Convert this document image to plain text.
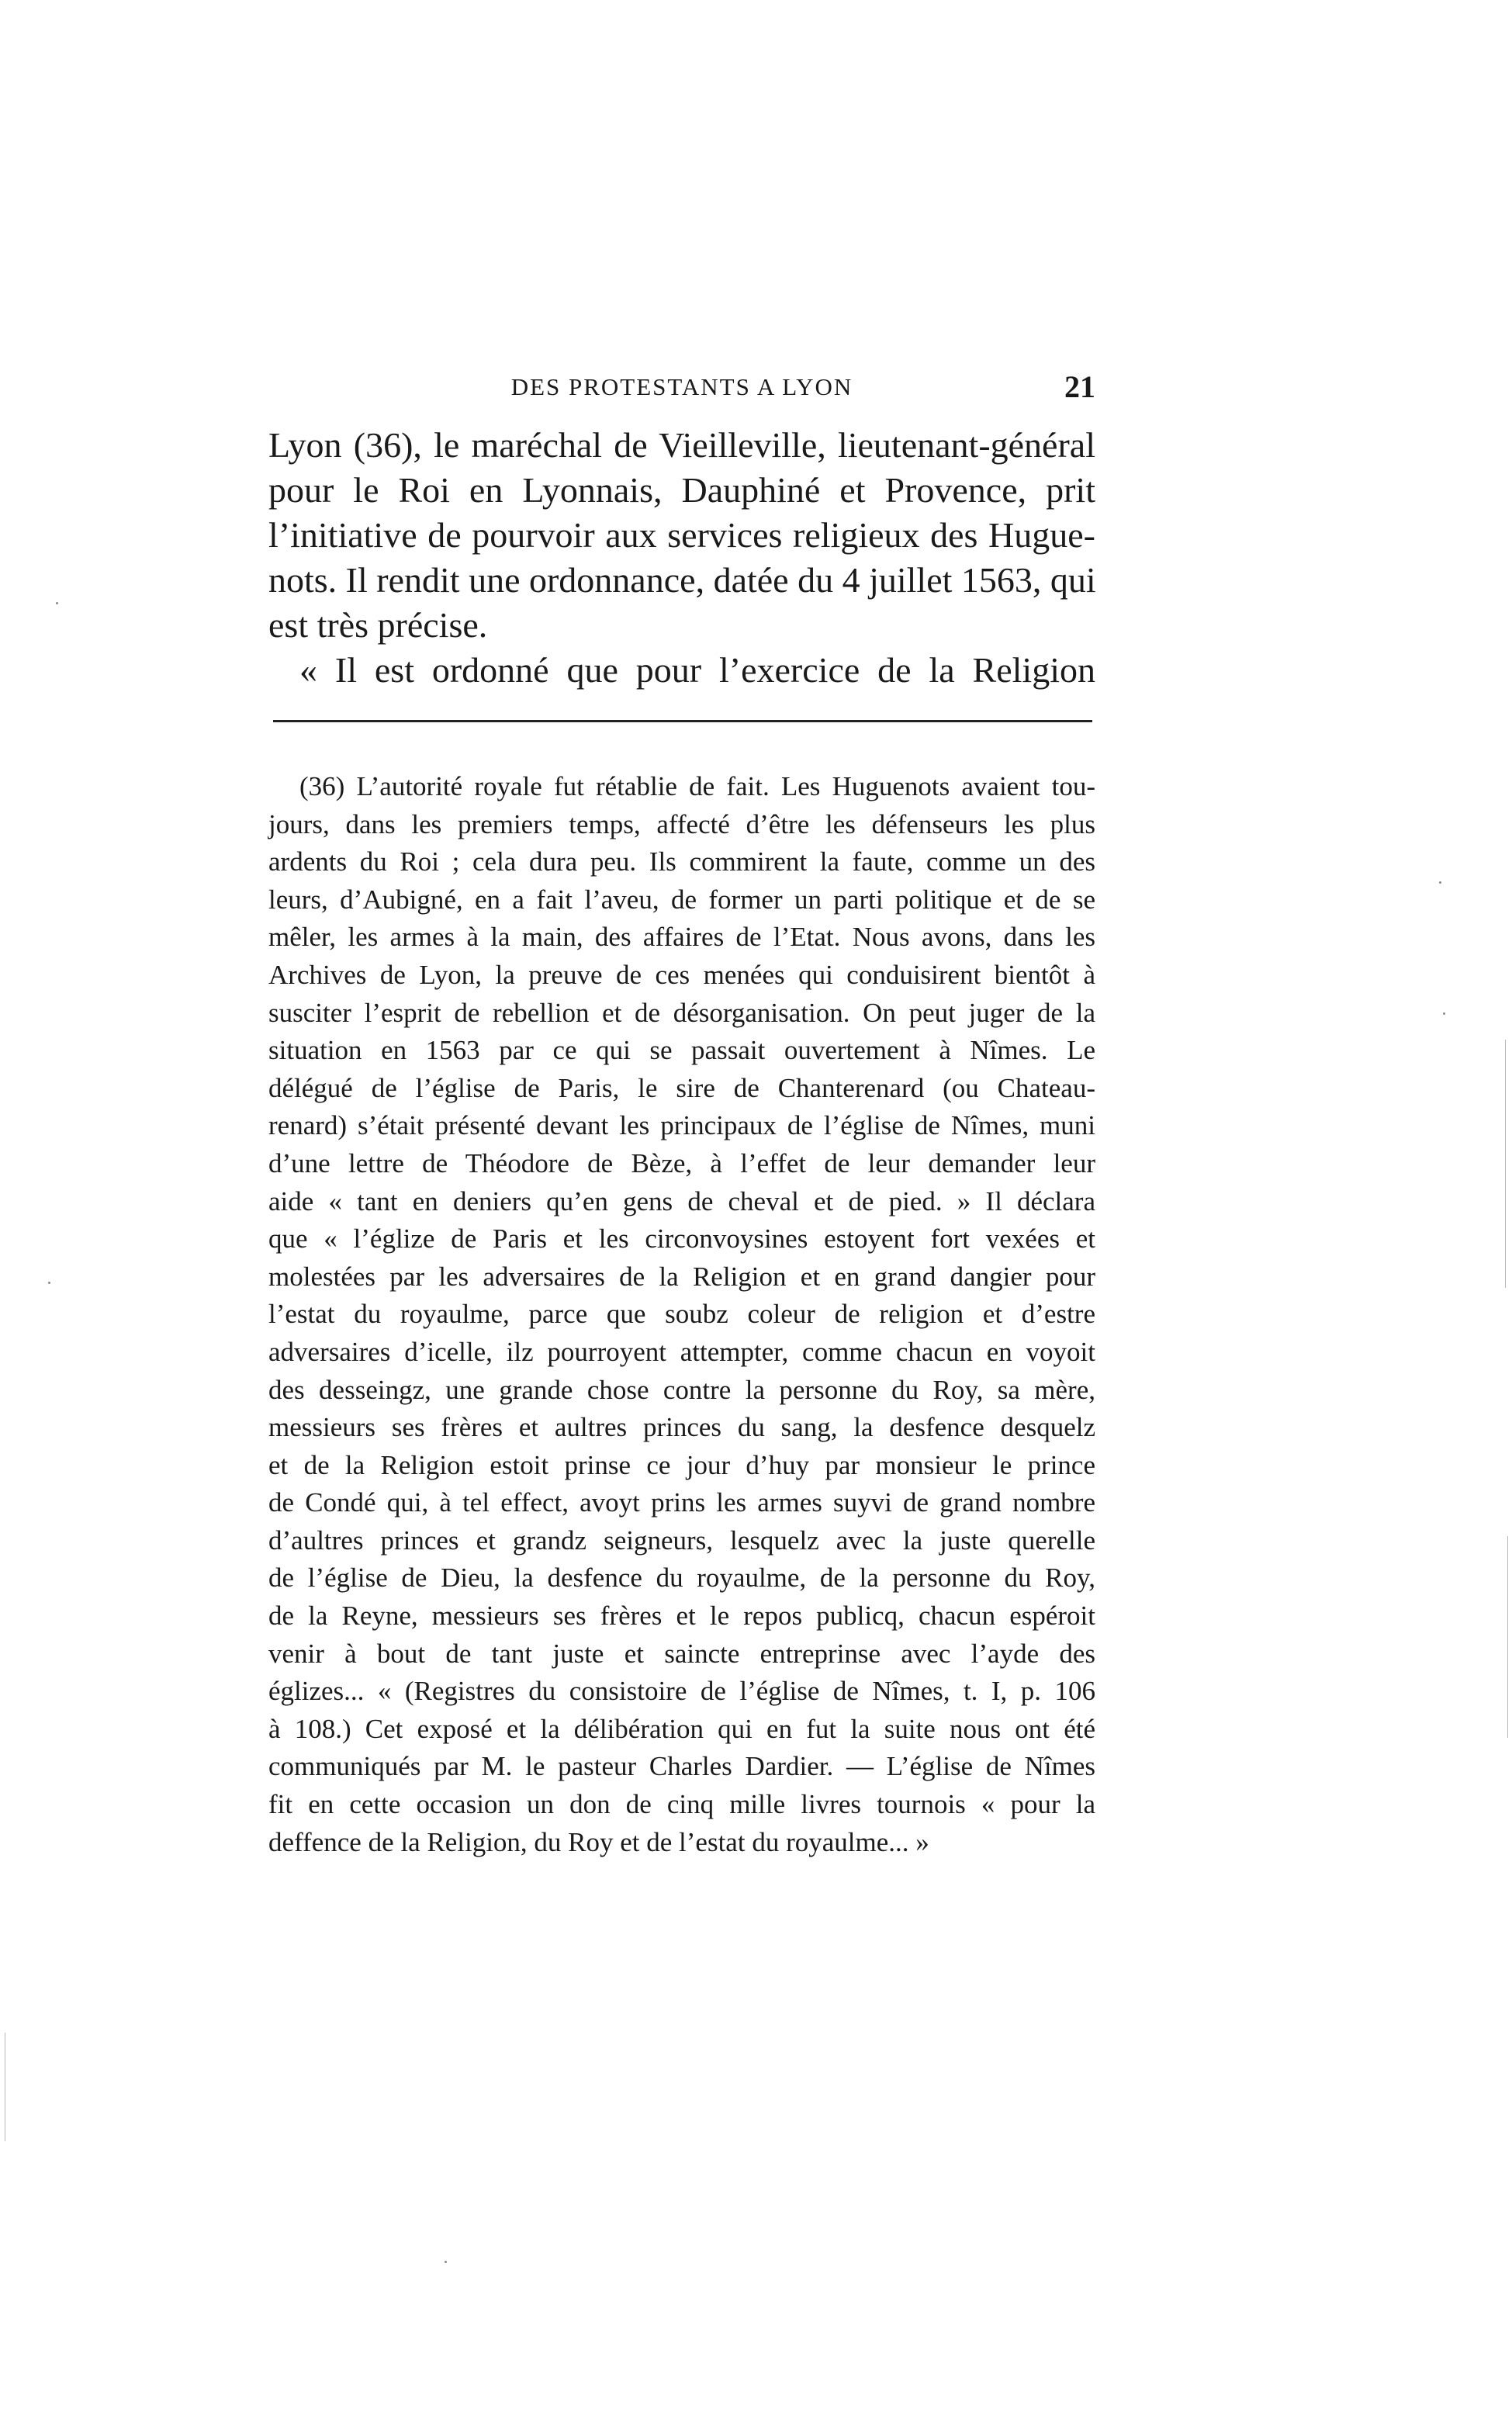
DES PROTESTANTS A LYON	21
Lyon (36), le maréchal de Vieilleville, lieutenant-général
pour le Roi en Lyonnais, Dauphiné et Provence, prit
l’initiative de pourvoir aux services religieux des Hugue-
nots. Il rendit une ordonnance, datée du 4 juillet 1563, qui
est très précise.
« Il est ordonné que pour l’exercice de la Religion
(36) L’autorité royale fut rétablie de fait. Les Huguenots avaient tou-
jours, dans les premiers temps, affecté d’être les défenseurs les plus
ardents du Roi ; cela dura peu. Ils commirent la faute, comme un des
leurs, d’Aubigné, en a fait l’aveu, de former un parti politique et de se
mêler, les armes à la main, des affaires de l’Etat. Nous avons, dans les
Archives de Lyon, la preuve de ces menées qui conduisirent bientôt à
susciter l’esprit de rebellion et de désorganisation. On peut juger de la
situation en 1563 par ce qui se passait ouvertement à Nîmes. Le
délégué de l’église de Paris, le sire de Chanterenard (ou Chateau-
renard) s’était présenté devant les principaux de l’église de Nîmes, muni
d’une lettre de Théodore de Bèze, à l’effet de leur demander leur
aide « tant en deniers qu’en gens de cheval et de pied. » Il déclara
que « l’églize de Paris et les circonvoysines estoyent fort vexées et
molestées par les adversaires de la Religion et en grand dangier pour
l’estat du royaulme, parce que soubz coleur de religion et d’estre
adversaires d’icelle, ilz pourroyent attempter, comme chacun en voyoit
des desseingz, une grande chose contre la personne du Roy, sa mère,
messieurs ses frères et aultres princes du sang, la desfence desquelz
et de la Religion estoit prinse ce jour d’huy par monsieur le prince
de Condé qui, à tel effect, avoyt prins les armes suyvi de grand nombre
d’aultres princes et grandz seigneurs, lesquelz avec la juste querelle
de l’église de Dieu, la desfence du royaulme, de la personne du Roy,
de la Reyne, messieurs ses frères et le repos publicq, chacun espéroit
venir à bout de tant juste et saincte entreprinse avec l’ayde des
églizes... « (Registres du consistoire de l’église de Nîmes, t. I, p. 106
à 108.) Cet exposé et la délibération qui en fut la suite nous ont été
communiqués par M. le pasteur Charles Dardier. — L’église de Nîmes
fit en cette occasion un don de cinq mille livres tournois « pour la
deffence de la Religion, du Roy et de l’estat du royaulme... »
